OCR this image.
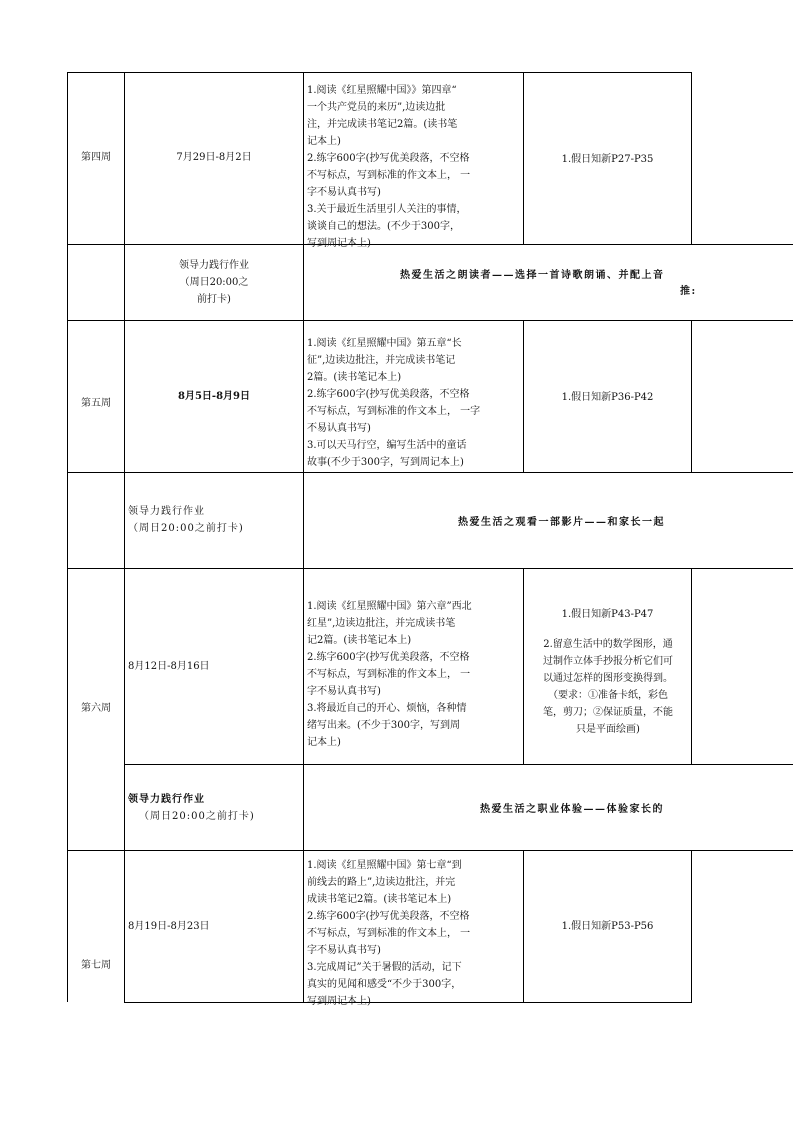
第四周	7月29日-8月2日
1.阅读《红星照耀中国》》第四章“
一个共产党员的来历”,边读边批
注，并完成读书笔记2篇。(读书笔
记本上)
2.练字600字(抄写优美段落，不空格
不写标点，写到标准的作文本上， 一
字不易认真书写)
3.关于最近生活里引人关注的事情，
谈谈自己的想法。(不少于300字，
写到周记本上)
1.假日知新P27-P35
领导力践行作业
（周日20:00之
前打卡)
热爱生活之朗读者——选择一首诗歌朗诵、并配上音
推:
第五周
8月5日-8月9日
1.阅读《红星照耀中国》第五章“长
征”,边读边批注，并完成读书笔记
2篇。(读书笔记本上)
2.练字600字(抄写优美段落，不空格
不写标点，写到标准的作文本上， 一字
不易认真书写)
3.可以天马行空，编写生活中的童话
故事(不少于300字，写到周记本上)
1.假日知新P36-P42
领导力践行作业
（周日20:00之前打卡)
热爱生活之观看一部影片——和家长一起
第六周
8月12日-8月16日
1.阅读《红星照耀中国》第六章”西北
红星”,边读边批注，并完成读书笔
记2篇。(读书笔记本上)
2.练字600字(抄写优美段落，不空格
不写标点，写到标准的作文本上， 一
字不易认真书写)
3.将最近自己的开心、烦恼，各种情
绪写出来。(不少于300字，写到周
记本上)
1.假日知新P43-P47
2.留意生活中的数学图形，通
过制作立体手抄报分析它们可
以通过怎样的图形变换得到。
（要求：①准备卡纸，彩色
笔，剪刀；②保证质量，不能
只是平面绘画)
领导力践行作业
（周日20:00之前打卡)
热爱生活之职业体验——体验家长的
第七周
8月19日-8月23日
1.阅读《红星照耀中国》第七章“到
前线去的路上”,边读边批注，并完
成读书笔记2篇。(读书笔记本上)
2.练字600字(抄写优美段落，不空格
不写标点，写到标准的作文本上， 一
字不易认真书写)
3.完成周记”关于暑假的活动，记下
真实的见闻和感受“不少于300字，
写到周记本上)
1.假日知新P53-P56
